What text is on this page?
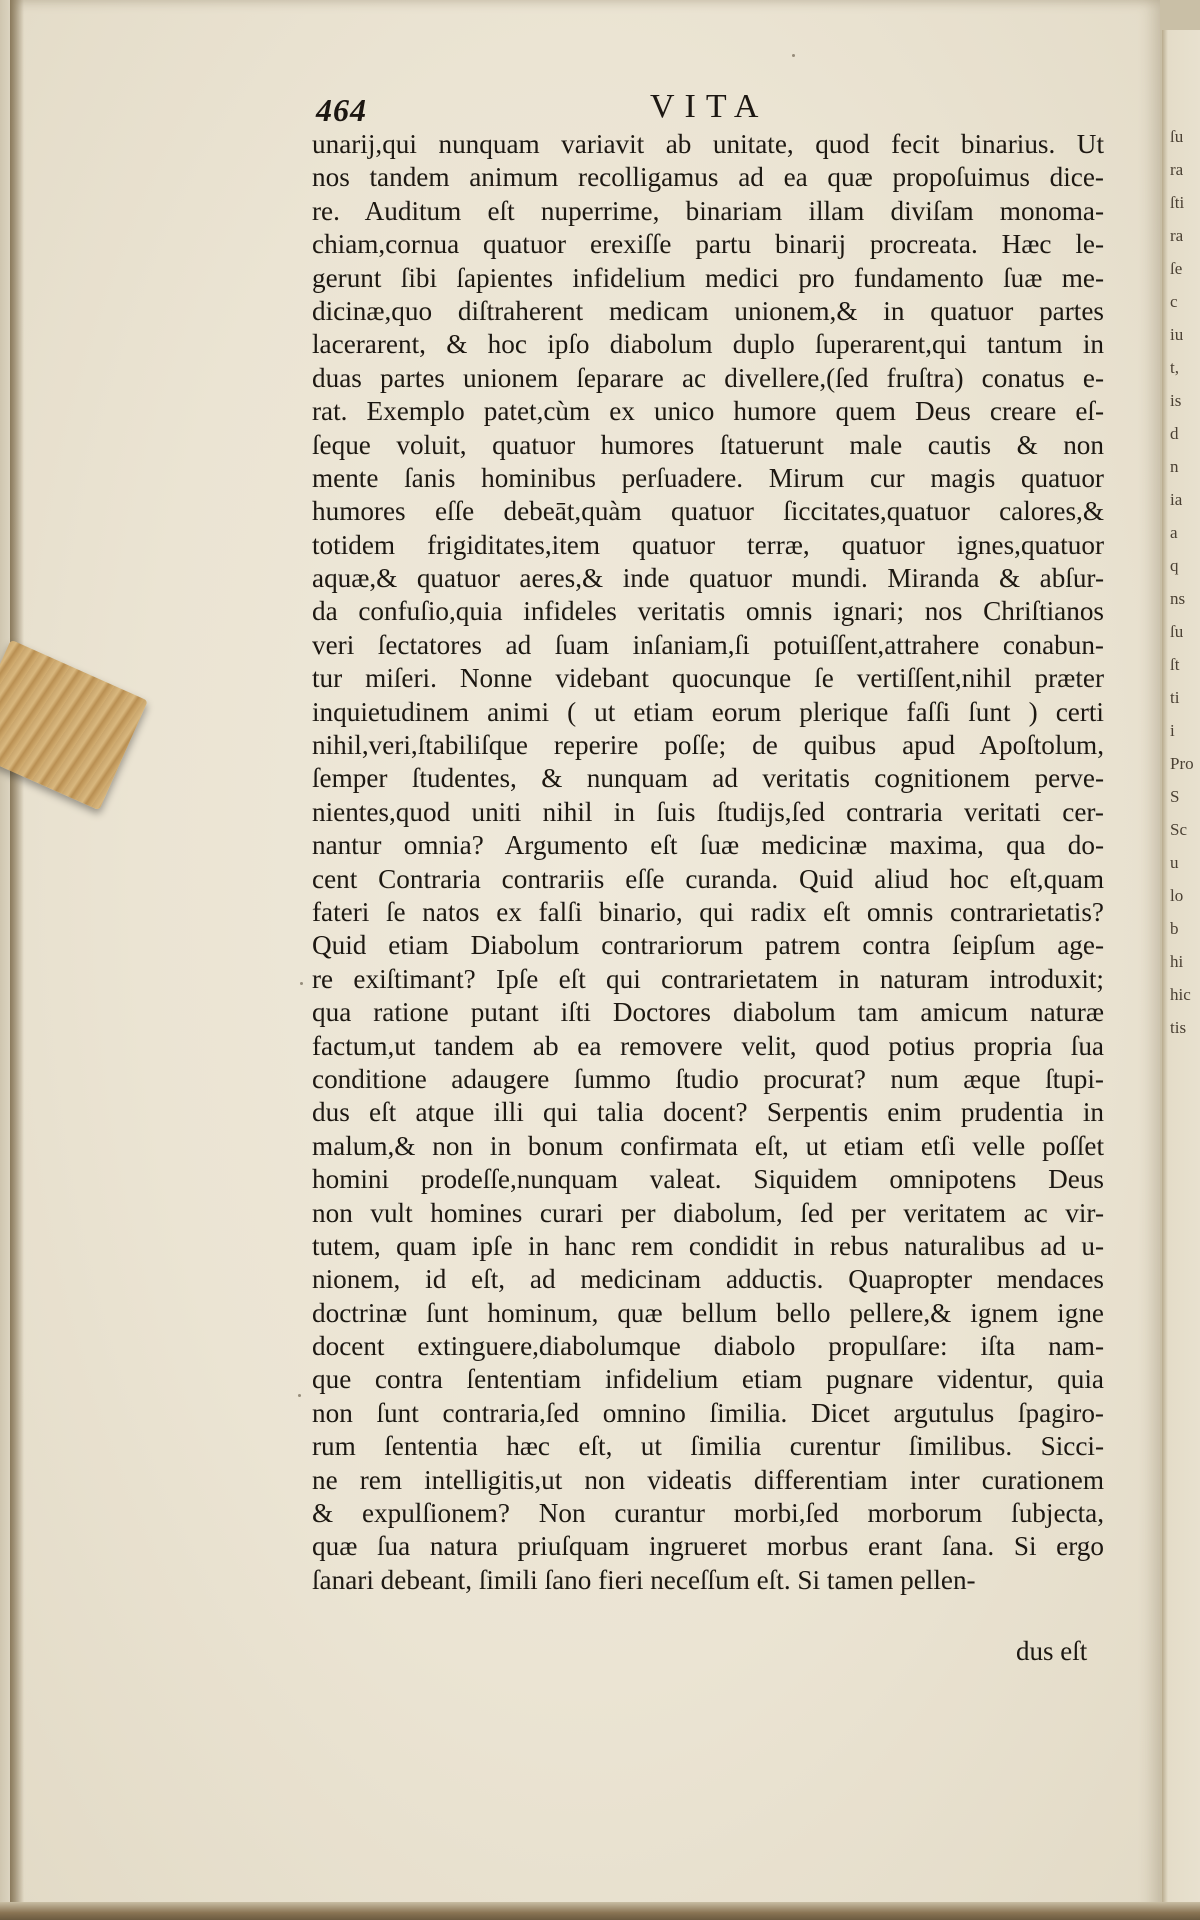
464	VITA
unarij,qui nunquam variavit ab unitate, quod fecit binarius. Ut
nos tandem animum recolligamus ad ea quæ propoſuimus dice-
re. Auditum eſt nuperrime, binariam illam diviſam monoma-
chiam,cornua quatuor erexiſſe partu binarij procreata. Hæc le-
gerunt ſibi ſapientes infidelium medici pro fundamento ſuæ me-
dicinæ,quo diſtraherent medicam unionem,& in quatuor partes
lacerarent, & hoc ipſo diabolum duplo ſuperarent,qui tantum in
duas partes unionem ſeparare ac divellere,(ſed fruſtra) conatus e-
rat. Exemplo patet,cùm ex unico humore quem Deus creare eſ-
ſeque voluit, quatuor humores ſtatuerunt male cautis & non
mente ſanis hominibus perſuadere. Mirum cur magis quatuor
humores eſſe debeāt,quàm quatuor ſiccitates,quatuor calores,&
totidem frigiditates,item quatuor terræ, quatuor ignes,quatuor
aquæ,& quatuor aeres,& inde quatuor mundi. Miranda & abſur-
da confuſio,quia infideles veritatis omnis ignari; nos Chriſtianos
veri ſectatores ad ſuam inſaniam,ſi potuiſſent,attrahere conabun-
tur miſeri. Nonne videbant quocunque ſe vertiſſent,nihil præter
inquietudinem animi ( ut etiam eorum plerique faſſi ſunt ) certi
nihil,veri,ſtabiliſque reperire poſſe; de quibus apud Apoſtolum,
ſemper ſtudentes, & nunquam ad veritatis cognitionem perve-
nientes,quod uniti nihil in ſuis ſtudijs,ſed contraria veritati cer-
nantur omnia? Argumento eſt ſuæ medicinæ maxima, qua do-
cent Contraria contrariis eſſe curanda. Quid aliud hoc eſt,quam
fateri ſe natos ex falſi binario, qui radix eſt omnis contrarietatis?
Quid etiam Diabolum contrariorum patrem contra ſeipſum age-
re exiſtimant? Ipſe eſt qui contrarietatem in naturam introduxit;
qua ratione putant iſti Doctores diabolum tam amicum naturæ
factum,ut tandem ab ea removere velit, quod potius propria ſua
conditione adaugere ſummo ſtudio procurat? num æque ſtupi-
dus eſt atque illi qui talia docent? Serpentis enim prudentia in
malum,& non in bonum confirmata eſt, ut etiam etſi velle poſſet
homini prodeſſe,nunquam valeat. Siquidem omnipotens Deus
non vult homines curari per diabolum, ſed per veritatem ac vir-
tutem, quam ipſe in hanc rem condidit in rebus naturalibus ad u-
nionem, id eſt, ad medicinam adductis. Quapropter mendaces
doctrinæ ſunt hominum, quæ bellum bello pellere,& ignem igne
docent extinguere,diabolumque diabolo propulſare: iſta nam-
que contra ſententiam infidelium etiam pugnare videntur, quia
non ſunt contraria,ſed omnino ſimilia. Dicet argutulus ſpagiro-
rum ſententia hæc eſt, ut ſimilia curentur ſimilibus. Sicci-
ne rem intelligitis,ut non videatis differentiam inter curationem
& expulſionem? Non curantur morbi,ſed morborum ſubjecta,
quæ ſua natura priuſquam ingrueret morbus erant ſana. Si ergo
ſanari debeant, ſimili ſano fieri neceſſum eſt. Si tamen pellen-
dus eſt
ſu
ra
ſti
ra
ſe
c
iu
t,
is
d
n
ia
a
q
ns
ſu
ſt
ti
i
Pro
S
Sc
u
lo
b
hi
hic
tis
